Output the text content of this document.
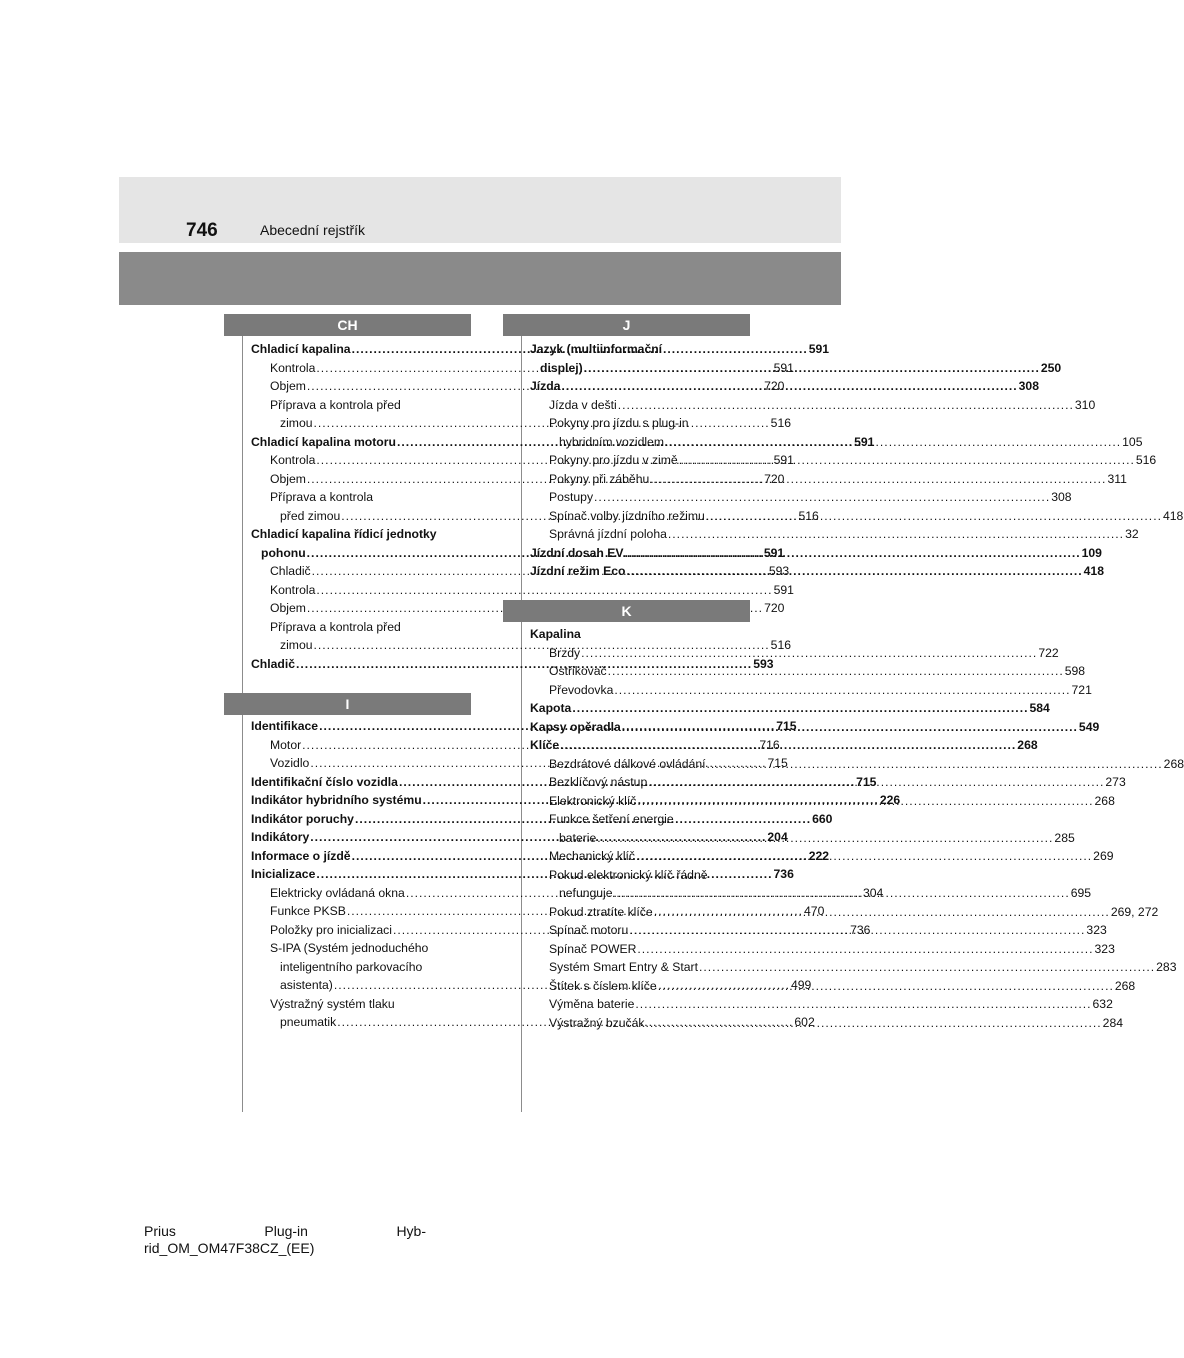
746	Abecední rejstřík
CH
Chladicí kapalina .....	591
Kontrola .....	591
Objem .....	720
Příprava a kontrola před

zimou .....	516
Chladicí kapalina motoru .....	591
Kontrola .....	591
Objem .....	720
Příprava a kontrola

před zimou .....	516
Chladicí kapalina řídicí jednotky

pohonu .....	591
Chladič .....	593
Kontrola .....	591
Objem .....	720
Příprava a kontrola před

zimou .....	516
Chladič .....	593
I
Identifikace .....	715
Motor .....	716
Vozidlo .....	715
Identifikační číslo vozidla .....	715
Indikátor hybridního systému .....	226
Indikátor poruchy .....	660
Indikátory .....	204
Informace o jízdě .....	222
Inicializace .....	736
Elektricky ovládaná okna .....	304
Funkce PKSB .....	470
Položky pro inicializaci .....	736
S-IPA (Systém jednoduchého

inteligentního parkovacího
asistenta) .....	499
Výstražný systém tlaku

pneumatik .....	602
J
Jazyk (multiinformační

displej) .....	250
Jízda .....	308
Jízda v dešti .....	310
Pokyny pro jízdu s plug-in

hybridním vozidlem .....	105
Pokyny pro jízdu v zimě .....	516
Pokyny při záběhu .....	311
Postupy .....	308
Spínač volby jízdního režimu .....	418
Správná jízdní poloha .....	32
Jízdní dosah EV .....	109
Jízdní režim Eco .....	418
K
Kapalina
Brzdy .....	722
Ostřikovač .....	598
Převodovka .....	721
Kapota .....	584
Kapsy opěradla .....	549
Klíče .....	268
Bezdrátové dálkové ovládání .....	268
Bezklíčový nástup .....	273
Elektronický klíč .....	268
Funkce šetření energie

baterie .....	285
Mechanický klíč .....	269
Pokud elektronický klíč řádně

nefunguje .....	695
Pokud ztratíte klíče .....	269, 272
Spínač motoru .....	323
Spínač POWER .....	323
Systém Smart Entry & Start .....	283
Štítek s číslem klíče .....	268
Výměna baterie .....	632
Výstražný bzučák .....	284
Prius	Plug-in	Hyb-
rid_OM_OM47F38CZ_(EE)
